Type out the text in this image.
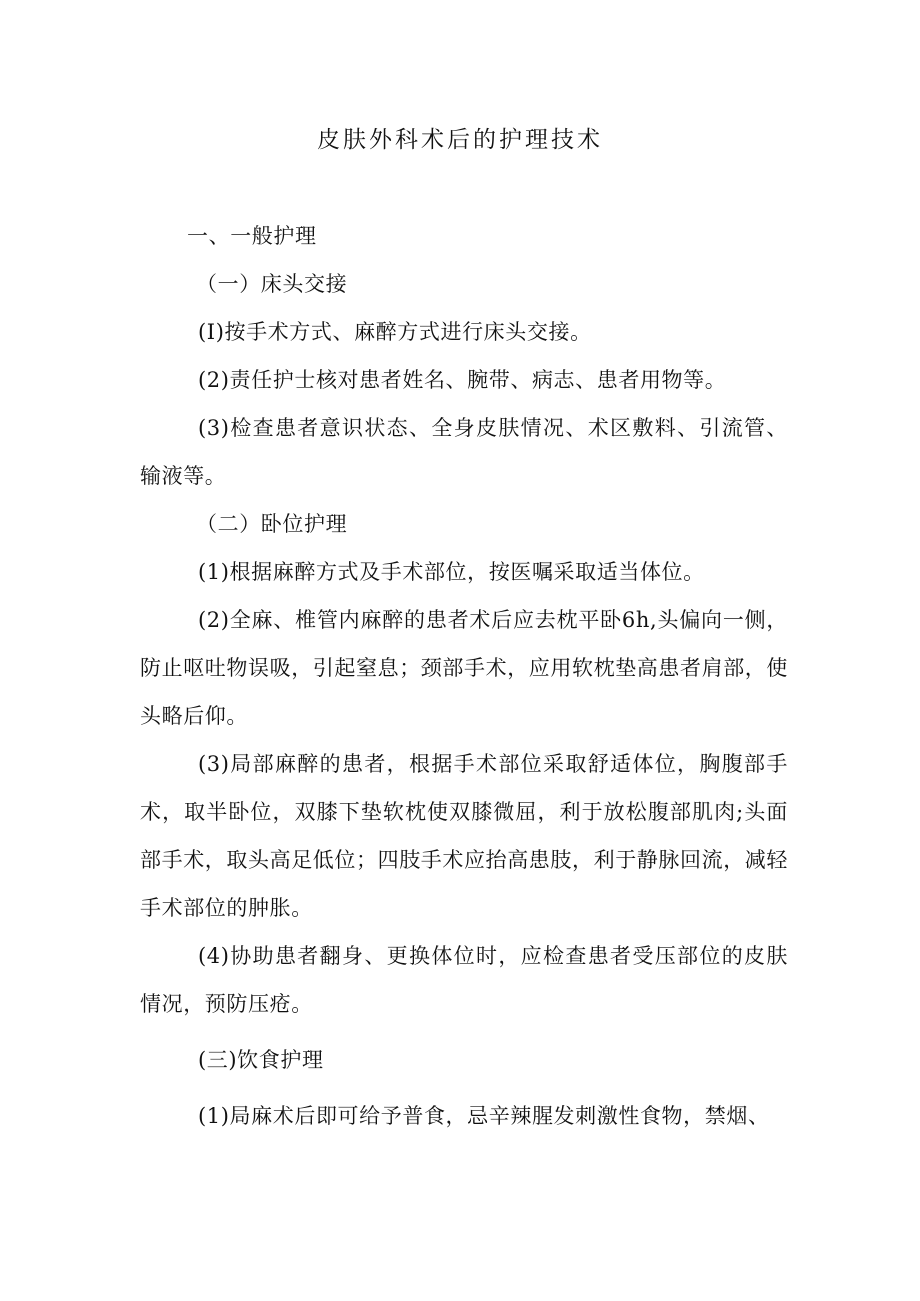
皮肤外科术后的护理技术

一、一般护理

（一）床头交接

(I)按手术方式、麻醉方式进行床头交接。

(2)责任护士核对患者姓名、腕带、病志、患者用物等。

(3)检查患者意识状态、全身皮肤情况、术区敷料、引流管、输液等。

（二）卧位护理

(1)根据麻醉方式及手术部位，按医嘱采取适当体位。

(2)全麻、椎管内麻醉的患者术后应去枕平卧6h,头偏向一侧，防止呕吐物误吸，引起窒息；颈部手术，应用软枕垫高患者肩部，使头略后仰。

(3)局部麻醉的患者，根据手术部位采取舒适体位，胸腹部手术，取半卧位，双膝下垫软枕使双膝微屈，利于放松腹部肌肉;头面部手术，取头高足低位；四肢手术应抬高患肢，利于静脉回流，减轻手术部位的肿胀。

(4)协助患者翻身、更换体位时，应检查患者受压部位的皮肤情况，预防压疮。

(三)饮食护理

(1)局麻术后即可给予普食，忌辛辣腥发刺激性食物，禁烟、
